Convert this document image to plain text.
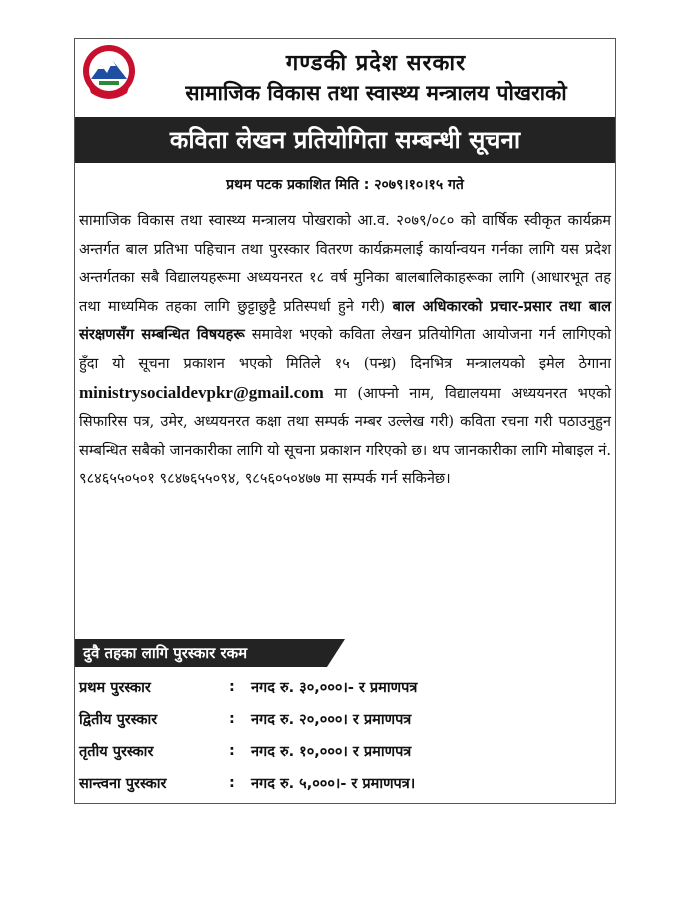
गण्डकी प्रदेश सरकार
सामाजिक विकास तथा स्वास्थ्य मन्त्रालय पोखराको
कविता लेखन प्रतियोगिता सम्बन्धी सूचना
प्रथम पटक प्रकाशित मिति : २०७९।१०।१५ गते

सामाजिक विकास तथा स्वास्थ्य मन्त्रालय पोखराको आ.व. २०७९/०८० को वार्षिक स्वीकृत कार्यक्रम अन्तर्गत बाल प्रतिभा पहिचान तथा पुरस्कार वितरण कार्यक्रमलाई कार्यान्वयन गर्नका लागि यस प्रदेश अन्तर्गतका सबै विद्यालयहरूमा अध्ययनरत १८ वर्ष मुनिका बालबालिकाहरूका लागि (आधारभूत तह तथा माध्यमिक तहका लागि छुट्टाछुट्टै प्रतिस्पर्धा हुने गरी) बाल अधिकारको प्रचार-प्रसार तथा बाल संरक्षणसँग सम्बन्धित विषयहरू समावेश भएको कविता लेखन प्रतियोगिता आयोजना गर्न लागिएको हुँदा यो सूचना प्रकाशन भएको मितिले १५ (पन्ध्र) दिनभित्र मन्त्रालयको इमेल ठेगाना ministrysocialdevpkr@gmail.com मा (आफ्नो नाम, विद्यालयमा अध्ययनरत भएको सिफारिस पत्र, उमेर, अध्ययनरत कक्षा तथा सम्पर्क नम्बर उल्लेख गरी) कविता रचना गरी पठाउनुहुन सम्बन्धित सबैको जानकारीका लागि यो सूचना प्रकाशन गरिएको छ। थप जानकारीका लागि मोबाइल नं. ९८४६५५०५०१ ९८४७६५५०९४, ९८५६०५०४७७ मा सम्पर्क गर्न सकिनेछ।

दुवै तहका लागि पुरस्कार रकम
प्रथम पुरस्कार	:	नगद रु. ३०,०००।- र प्रमाणपत्र
द्वितीय पुरस्कार	:	नगद रु. २०,०००। र प्रमाणपत्र
तृतीय पुरस्कार	:	नगद रु. १०,०००। र प्रमाणपत्र
सान्त्वना पुरस्कार	:	नगद रु. ५,०००।- र प्रमाणपत्र।
